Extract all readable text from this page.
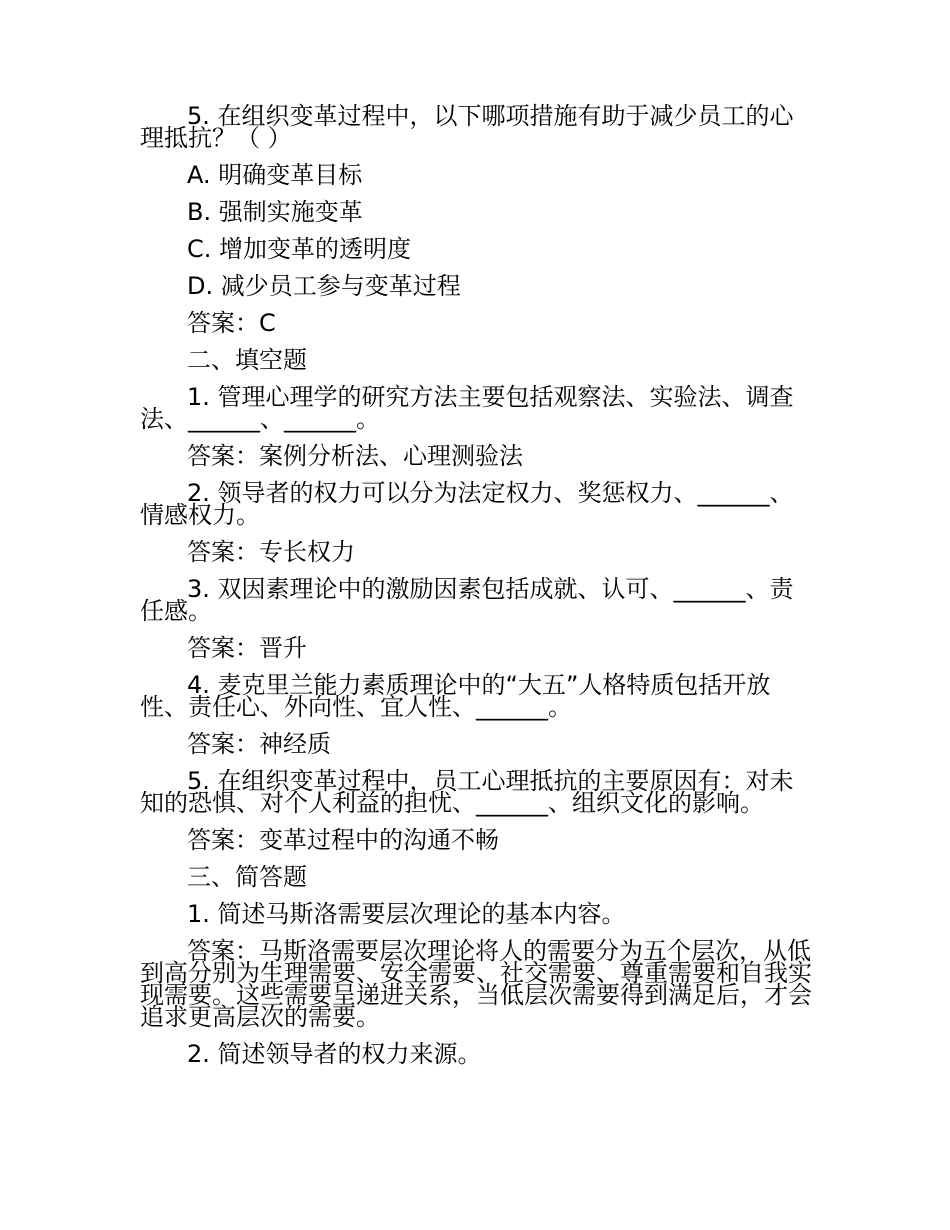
5. 在组织变革过程中，以下哪项措施有助于减少员工的心理抵抗？（ ）

A. 明确变革目标

B. 强制实施变革

C. 增加变革的透明度

D. 减少员工参与变革过程

答案：C

二、填空题

1. 管理心理学的研究方法主要包括观察法、实验法、调查法、______、______。

答案：案例分析法、心理测验法

2. 领导者的权力可以分为法定权力、奖惩权力、______、情感权力。

答案：专长权力

3. 双因素理论中的激励因素包括成就、认可、______、责任感。

答案：晋升

4. 麦克里兰能力素质理论中的“大五”人格特质包括开放性、责任心、外向性、宜人性、______。

答案：神经质

5. 在组织变革过程中，员工心理抵抗的主要原因有：对未知的恐惧、对个人利益的担忧、______、组织文化的影响。

答案：变革过程中的沟通不畅

三、简答题

1. 简述马斯洛需要层次理论的基本内容。

答案：马斯洛需要层次理论将人的需要分为五个层次，从低到高分别为生理需要、安全需要、社交需要、尊重需要和自我实现需要。这些需要呈递进关系，当低层次需要得到满足后，才会追求更高层次的需要。

2. 简述领导者的权力来源。
